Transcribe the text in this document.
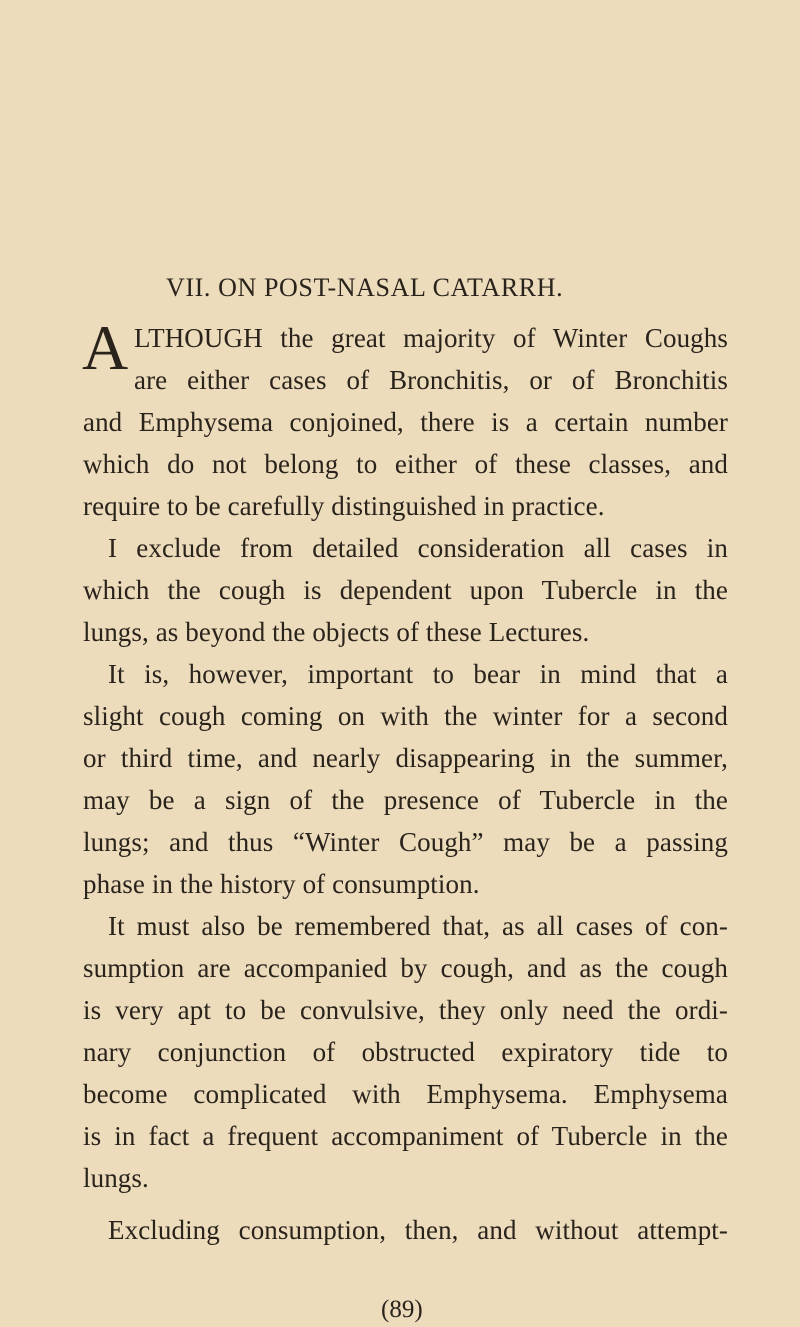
VII. ON POST-NASAL CATARRH.
A LTHOUGH the great majority of Winter Coughs
are either cases of Bronchitis, or of Bronchitis
and Emphysema conjoined, there is a certain number
which do not belong to either of these classes, and
require to be carefully distinguished in practice.
I exclude from detailed consideration all cases in
which the cough is dependent upon Tubercle in the
lungs, as beyond the objects of these Lectures.
It is, however, important to bear in mind that a
slight cough coming on with the winter for a second
or third time, and nearly disappearing in the summer,
may be a sign of the presence of Tubercle in the
lungs; and thus “Winter Cough” may be a passing
phase in the history of consumption.
It must also be remembered that, as all cases of con-
sumption are accompanied by cough, and as the cough
is very apt to be convulsive, they only need the ordi-
nary conjunction of obstructed expiratory tide to
become complicated with Emphysema. Emphysema
is in fact a frequent accompaniment of Tubercle in the
lungs.
Excluding consumption, then, and without attempt-
(89)
